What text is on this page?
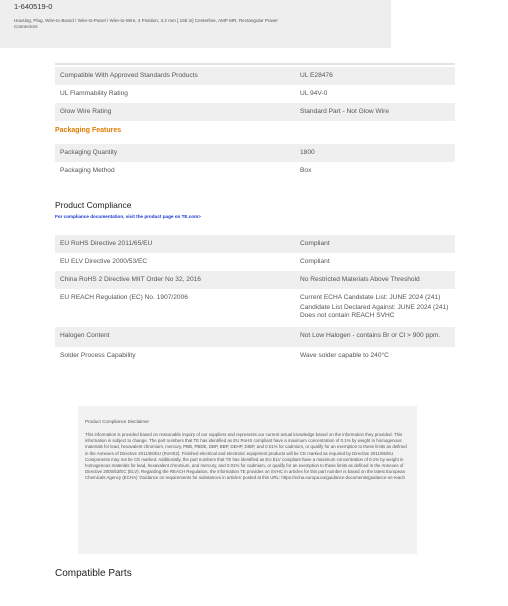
1-640519-0
Housing, Plug, Wire-to-Board / Wire-to-Panel / Wire-to-Wire, 4 Position, 4.2 mm [.165 in] Centerline, AMP MR, Rectangular Power Connectors
Compatible With Approved Standards Products	UL E28476
UL Flammability Rating	UL 94V-0
Glow Wire Rating	Standard Part - Not Glow Wire
Packaging Features
Packaging Quantity	1800
Packaging Method	Box
Product Compliance
For compliance documentation, visit the product page on TE.com>
EU RoHS Directive 2011/65/EU	Compliant
EU ELV Directive 2000/53/EC	Compliant
China RoHS 2 Directive MIIT Order No 32, 2016	No Restricted Materials Above Threshold
EU REACH Regulation (EC) No. 1907/2006	Current ECHA Candidate List: JUNE 2024 (241)
Candidate List Declared Against: JUNE 2024 (241)
Does not contain REACH SVHC
Halogen Content	Not Low Halogen - contains Br or Cl > 900 ppm.
Solder Process Capability	Wave solder capable to 240°C
Product Compliance Disclaimer
This information is provided based on reasonable inquiry of our suppliers and represents our current actual knowledge based on the information they provided. This information is subject to change. The part numbers that TE has identified as EU RoHS compliant have a maximum concentration of 0.1% by weight in homogenous materials for lead, hexavalent chromium, mercury, PBB, PBDE, DBP, BBP, DEHP, DIBP, and 0.01% for cadmium, or qualify for an exemption to these limits as defined in the Annexes of Directive 2011/65/EU (RoHS2). Finished electrical and electronic equipment products will be CE marked as required by Directive 2011/65/EU. Components may not be CE marked. Additionally, the part numbers that TE has identified as EU ELV compliant have a maximum concentration of 0.1% by weight in homogenous materials for lead, hexavalent chromium, and mercury, and 0.01% for cadmium, or qualify for an exemption to these limits as defined in the Annexes of Directive 2000/53/EC (ELV). Regarding the REACH Regulation, the information TE provides on SVHC in articles for this part number is based on the latest European Chemicals Agency (ECHA) 'Guidance on requirements for substances in articles' posted at this URL: https://echa.europa.eu/guidance-documents/guidance-on-reach
Compatible Parts
